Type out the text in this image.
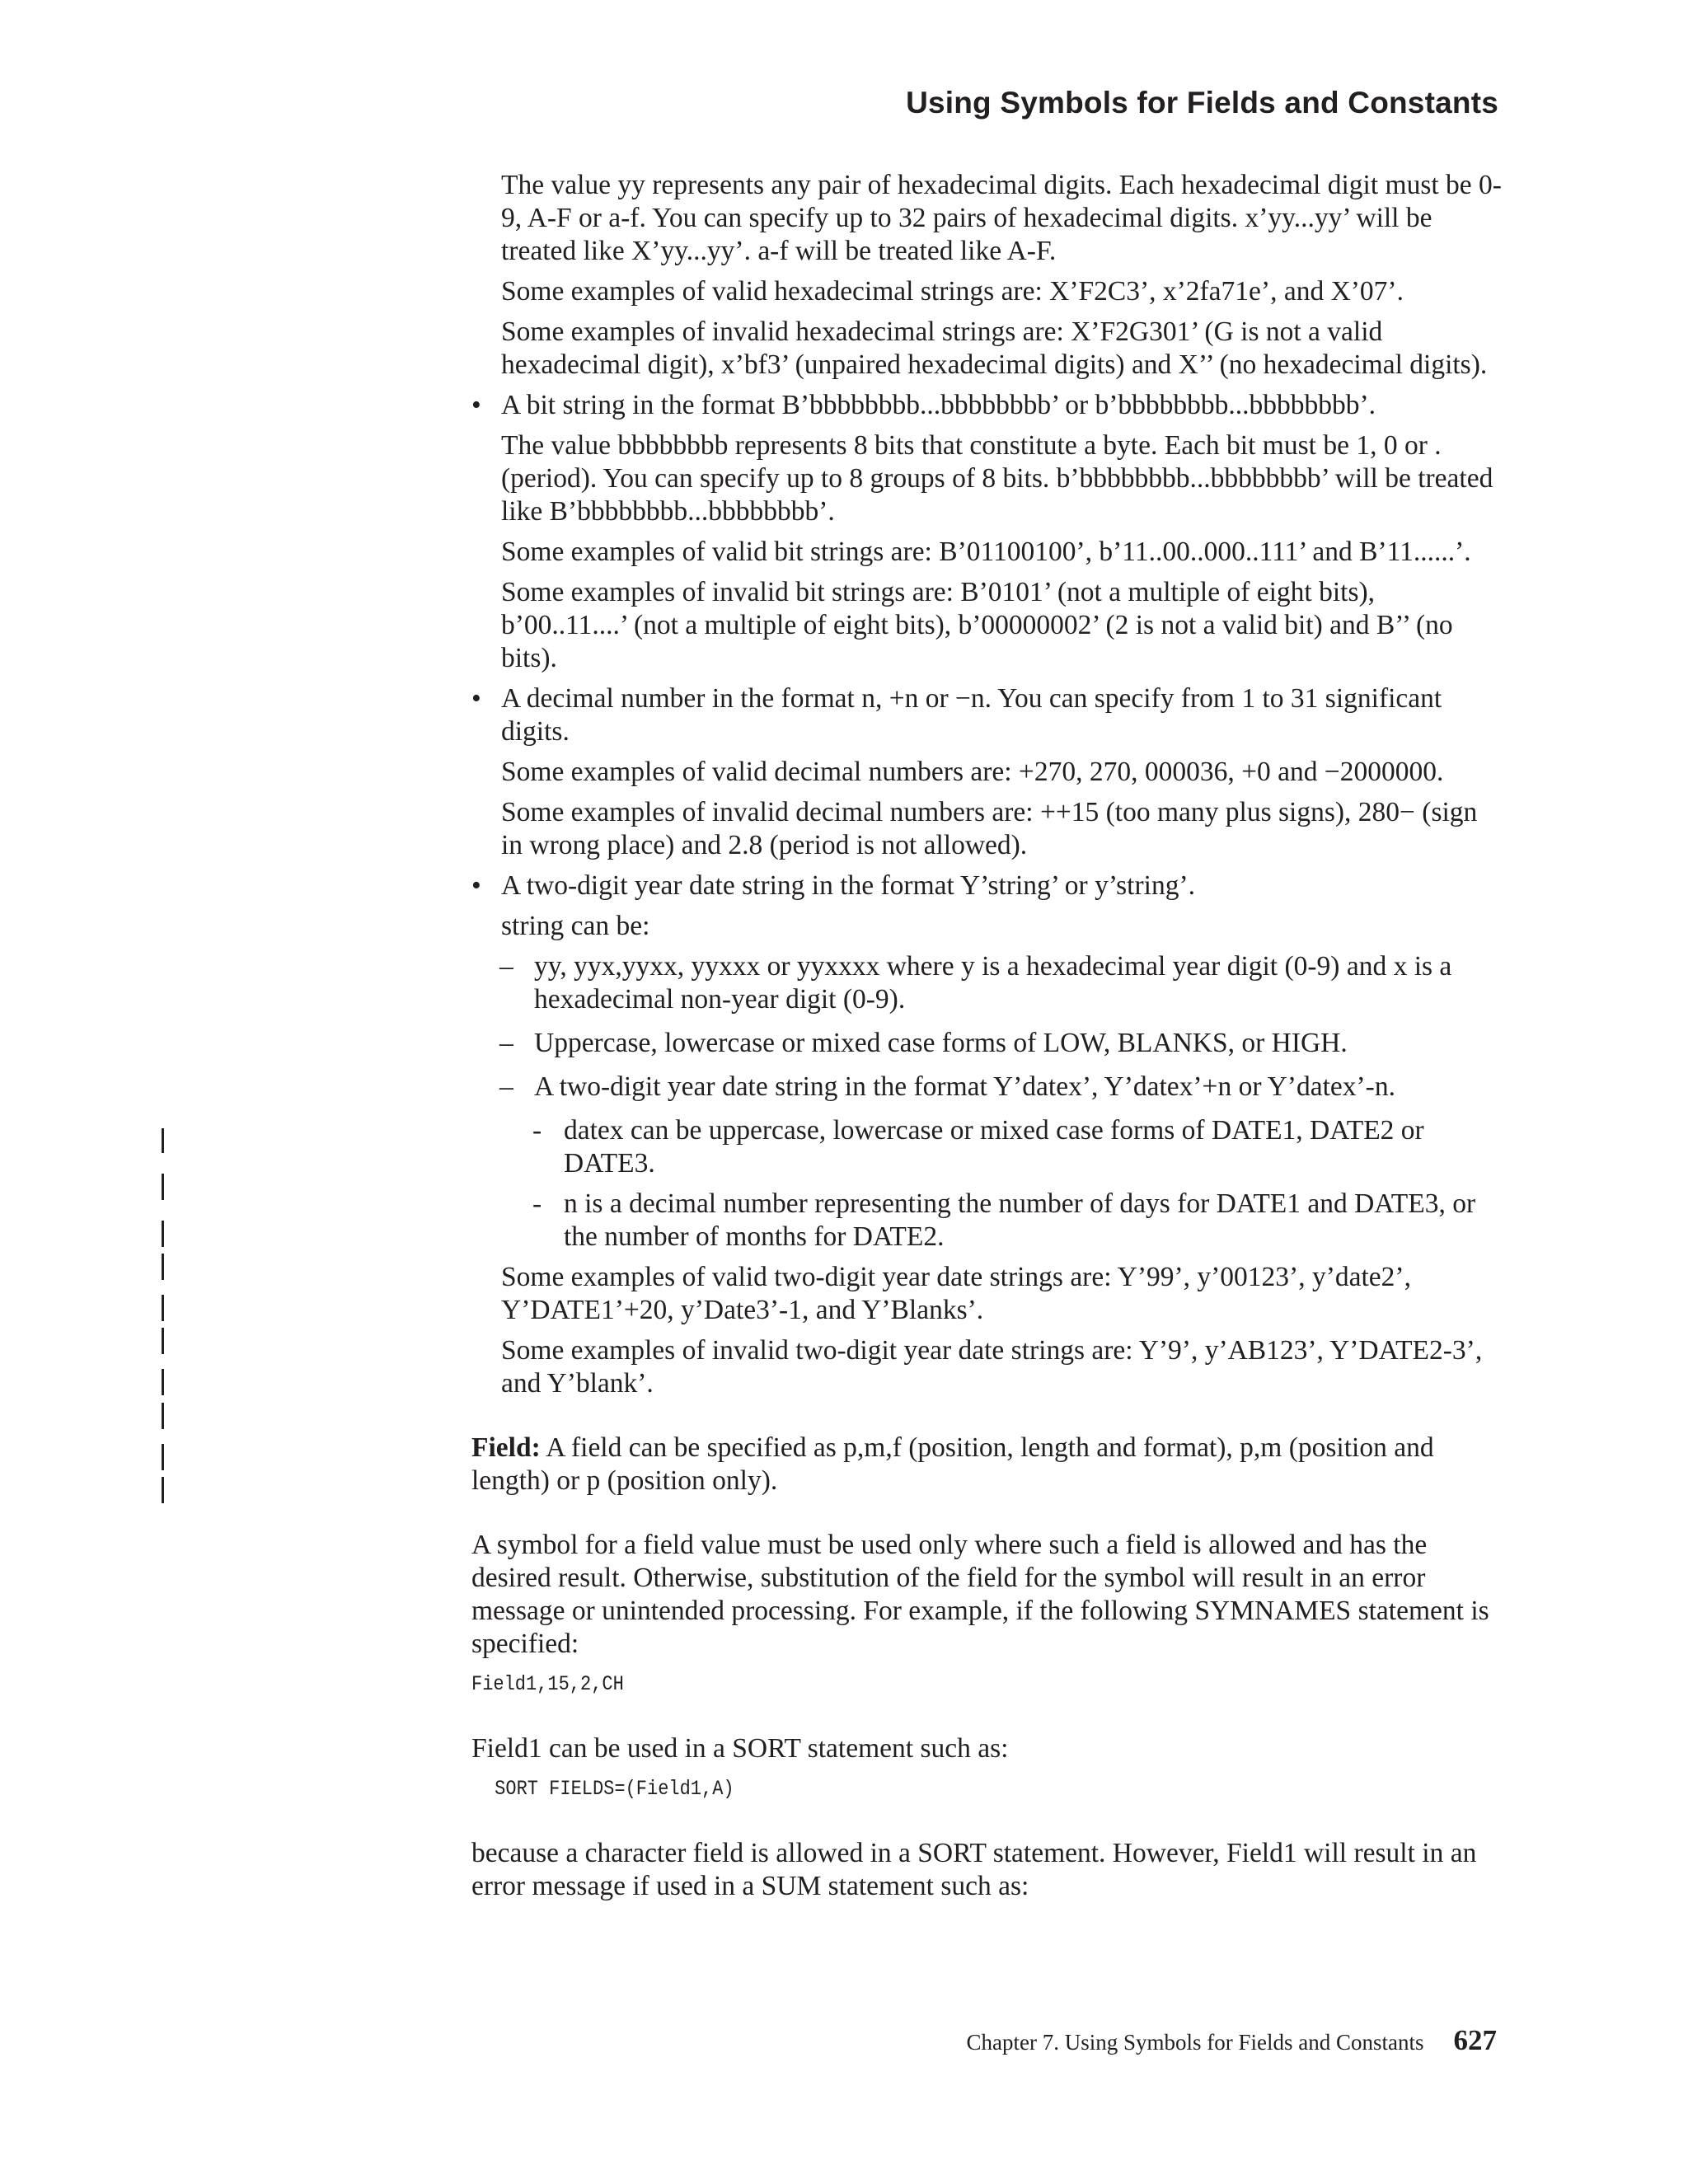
Using Symbols for Fields and Constants

The value yy represents any pair of hexadecimal digits. Each hexadecimal digit must be 0-9, A-F or a-f. You can specify up to 32 pairs of hexadecimal digits. x’yy...yy’ will be treated like X’yy...yy’. a-f will be treated like A-F.

Some examples of valid hexadecimal strings are: X’F2C3’, x’2fa71e’, and X’07’.

Some examples of invalid hexadecimal strings are: X’F2G301’ (G is not a valid hexadecimal digit), x’bf3’ (unpaired hexadecimal digits) and X’’ (no hexadecimal digits).

• A bit string in the format B’bbbbbbbb...bbbbbbbb’ or b’bbbbbbbb...bbbbbbbb’.

The value bbbbbbbb represents 8 bits that constitute a byte. Each bit must be 1, 0 or . (period). You can specify up to 8 groups of 8 bits. b’bbbbbbbb...bbbbbbbb’ will be treated like B’bbbbbbbb...bbbbbbbb’.

Some examples of valid bit strings are: B’01100100’, b’11..00..000..111’ and B’11......’.

Some examples of invalid bit strings are: B’0101’ (not a multiple of eight bits), b’00..11....’ (not a multiple of eight bits), b’00000002’ (2 is not a valid bit) and B’’ (no bits).

• A decimal number in the format n, +n or −n. You can specify from 1 to 31 significant digits.

Some examples of valid decimal numbers are: +270, 270, 000036, +0 and −2000000.

Some examples of invalid decimal numbers are: ++15 (too many plus signs), 280− (sign in wrong place) and 2.8 (period is not allowed).

• A two-digit year date string in the format Y’string’ or y’string’.

string can be:

– yy, yyx,yyxx, yyxxx or yyxxxx where y is a hexadecimal year digit (0-9) and x is a hexadecimal non-year digit (0-9).

– Uppercase, lowercase or mixed case forms of LOW, BLANKS, or HIGH.

– A two-digit year date string in the format Y’datex’, Y’datex’+n or Y’datex’-n.

- datex can be uppercase, lowercase or mixed case forms of DATE1, DATE2 or DATE3.

- n is a decimal number representing the number of days for DATE1 and DATE3, or the number of months for DATE2.

Some examples of valid two-digit year date strings are: Y’99’, y’00123’, y’date2’, Y’DATE1’+20, y’Date3’-1, and Y’Blanks’.

Some examples of invalid two-digit year date strings are: Y’9’, y’AB123’, Y’DATE2-3’, and Y’blank’.

Field: A field can be specified as p,m,f (position, length and format), p,m (position and length) or p (position only).

A symbol for a field value must be used only where such a field is allowed and has the desired result. Otherwise, substitution of the field for the symbol will result in an error message or unintended processing. For example, if the following SYMNAMES statement is specified:

Field1,15,2,CH

Field1 can be used in a SORT statement such as:

SORT FIELDS=(Field1,A)

because a character field is allowed in a SORT statement. However, Field1 will result in an error message if used in a SUM statement such as:

Chapter 7. Using Symbols for Fields and Constants 627
